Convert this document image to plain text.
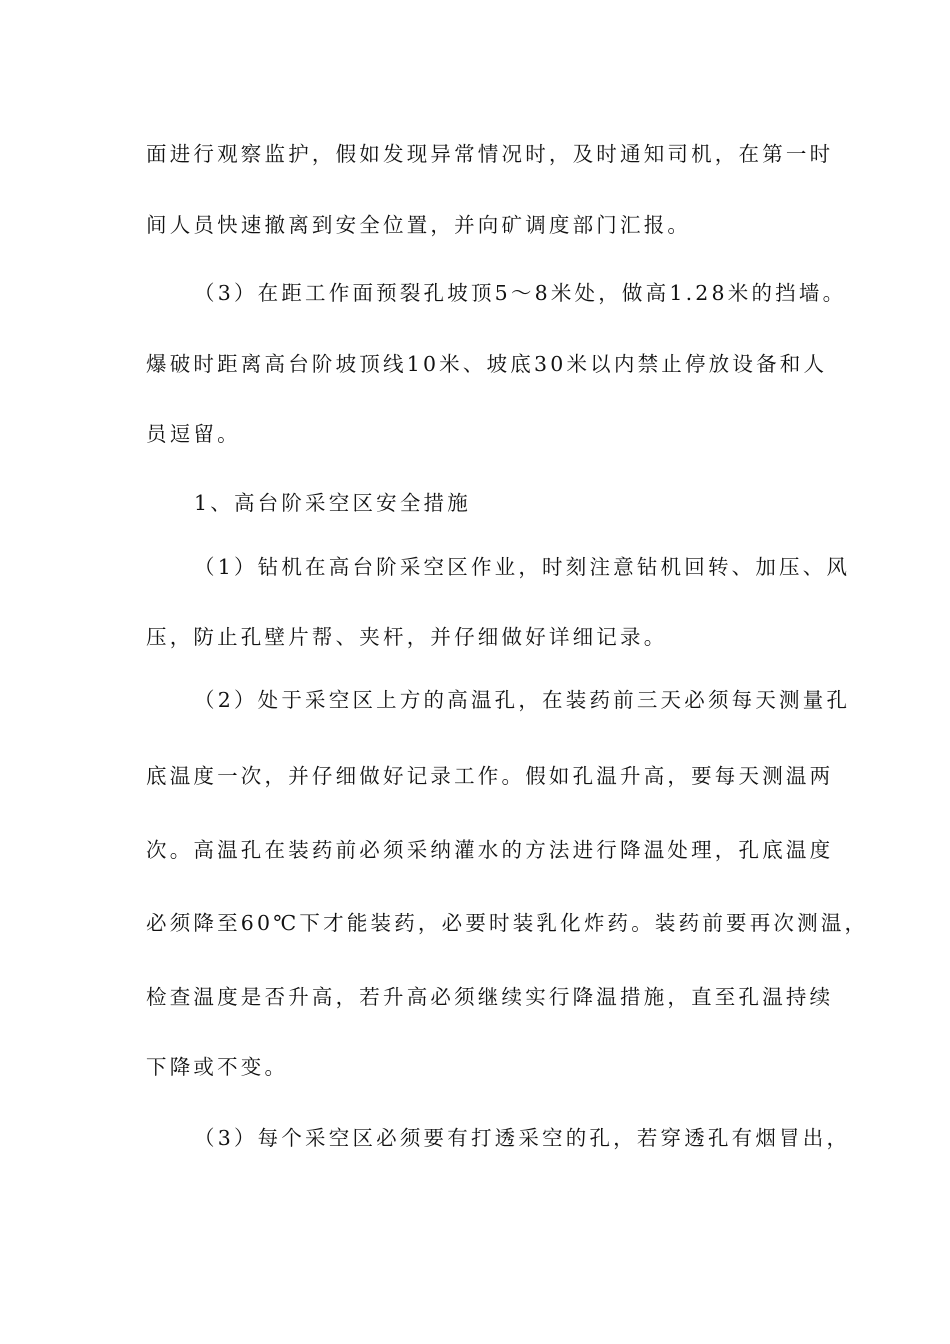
面进行观察监护，假如发现异常情况时，及时通知司机，在第一时

间人员快速撤离到安全位置，并向矿调度部门汇报。

（3）在距工作面预裂孔坡顶5～8米处，做高1.28米的挡墙。

爆破时距离高台阶坡顶线10米、坡底30米以内禁止停放设备和人

员逗留。

1、高台阶采空区安全措施

（1）钻机在高台阶采空区作业，时刻注意钻机回转、加压、风

压，防止孔壁片帮、夹杆，并仔细做好详细记录。

（2）处于采空区上方的高温孔，在装药前三天必须每天测量孔

底温度一次，并仔细做好记录工作。假如孔温升高，要每天测温两

次。高温孔在装药前必须采纳灌水的方法进行降温处理，孔底温度

必须降至60℃下才能装药，必要时装乳化炸药。装药前要再次测温，

检查温度是否升高，若升高必须继续实行降温措施，直至孔温持续

下降或不变。

（3）每个采空区必须要有打透采空的孔，若穿透孔有烟冒出，
